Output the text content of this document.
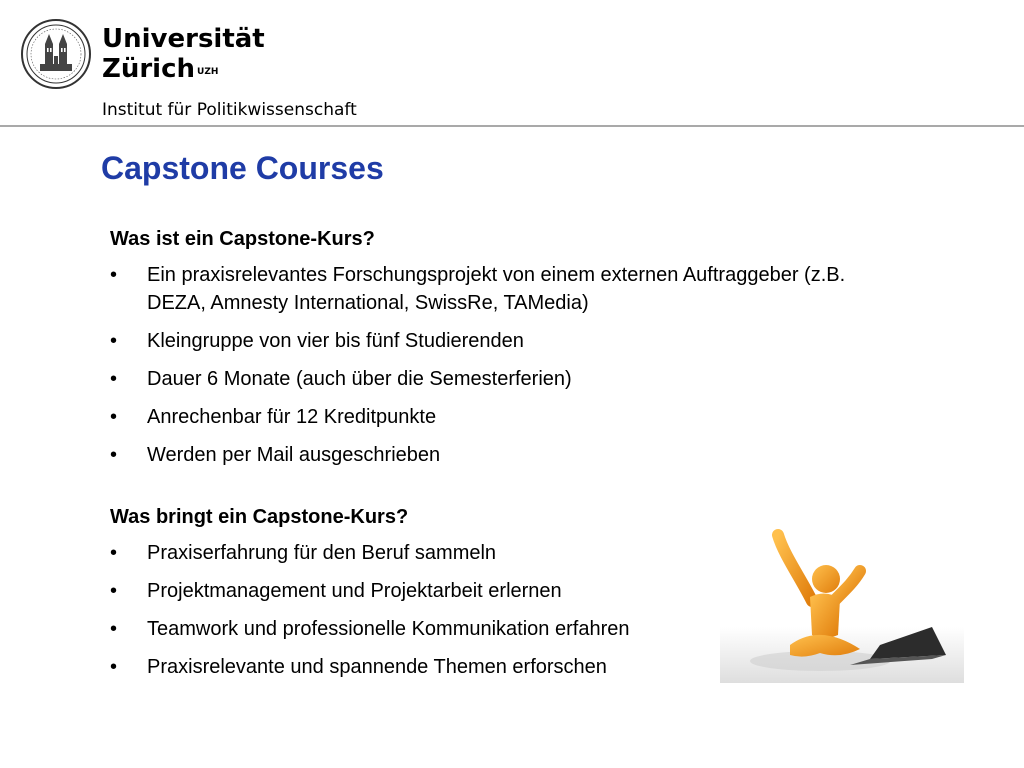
Universität
Zürich $^{UZH}$
Institut für Politikwissenschaft
Capstone Courses
Was ist ein Capstone-Kurs?
• Ein praxisrelevantes Forschungsprojekt von einem externen Auftraggeber (z.B. DEZA, Amnesty International, SwissRe, TAMedia)
• Kleingruppe von vier bis fünf Studierenden
• Dauer 6 Monate (auch über die Semesterferien)
• Anrechenbar für 12 Kreditpunkte
• Werden per Mail ausgeschrieben
Was bringt ein Capstone-Kurs?
• Praxiserfahrung für den Beruf sammeln
• Projektmanagement und Projektarbeit erlernen
• Teamwork und professionelle Kommunikation erfahren
• Praxisrelevante und spannende Themen erforschen
